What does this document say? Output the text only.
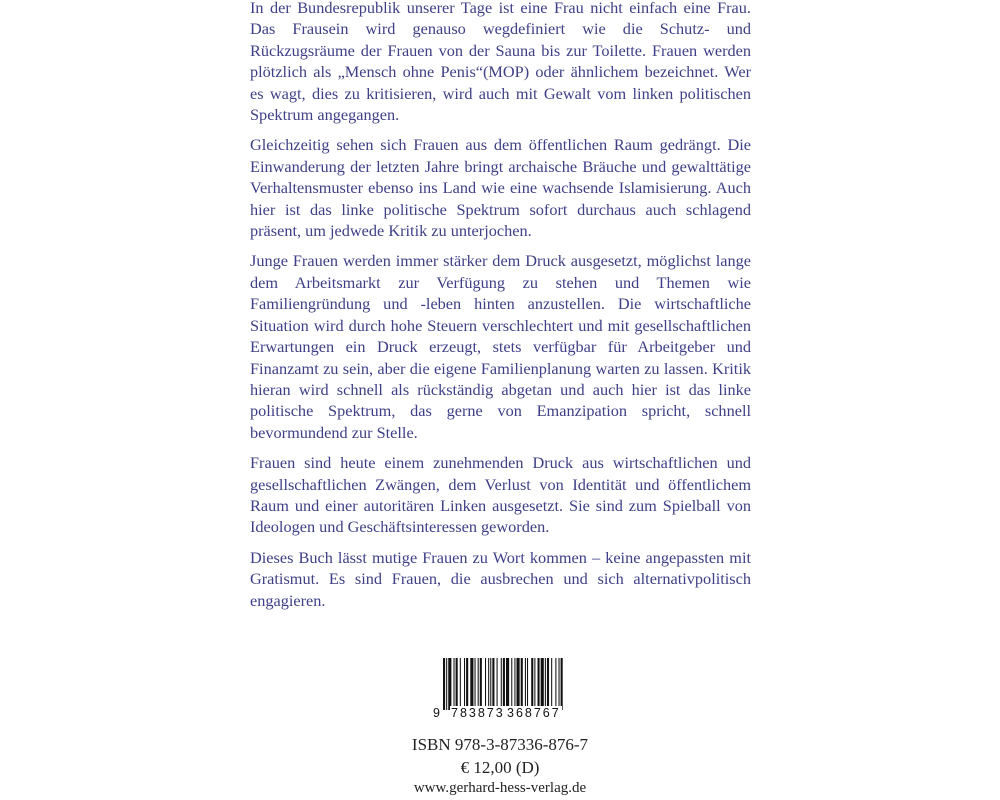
In der Bundesrepublik unserer Tage ist eine Frau nicht einfach eine Frau. Das Frausein wird genauso wegdefiniert wie die Schutz- und Rückzugsräume der Frauen von der Sauna bis zur Toilette. Frauen werden plötzlich als „Mensch ohne Penis“(MOP) oder ähnlichem bezeichnet. Wer es wagt, dies zu kritisieren, wird auch mit Gewalt vom linken politischen Spektrum angegangen.

Gleichzeitig sehen sich Frauen aus dem öffentlichen Raum gedrängt. Die Einwanderung der letzten Jahre bringt archaische Bräuche und gewalttätige Verhaltensmuster ebenso ins Land wie eine wachsende Islamisierung. Auch hier ist das linke politische Spektrum sofort durchaus auch schlagend präsent, um jedwede Kritik zu unterjochen.

Junge Frauen werden immer stärker dem Druck ausgesetzt, möglichst lange dem Arbeitsmarkt zur Verfügung zu stehen und Themen wie Familiengründung und -leben hinten anzustellen. Die wirtschaftliche Situation wird durch hohe Steuern verschlechtert und mit gesellschaftlichen Erwartungen ein Druck erzeugt, stets verfügbar für Arbeitgeber und Finanzamt zu sein, aber die eigene Familienplanung warten zu lassen. Kritik hieran wird schnell als rückständig abgetan und auch hier ist das linke politische Spektrum, das gerne von Emanzipation spricht, schnell bevormundend zur Stelle.

Frauen sind heute einem zunehmenden Druck aus wirtschaftlichen und gesellschaftlichen Zwängen, dem Verlust von Identität und öffentlichem Raum und einer autoritären Linken ausgesetzt. Sie sind zum Spielball von Ideologen und Geschäftsinteressen geworden.

Dieses Buch lässt mutige Frauen zu Wort kommen – keine angepassten mit Gratismut. Es sind Frauen, die ausbrechen und sich alternativpolitisch engagieren.

9 783873 368767
ISBN 978-3-87336-876-7
€ 12,00 (D)
www.gerhard-hess-verlag.de
